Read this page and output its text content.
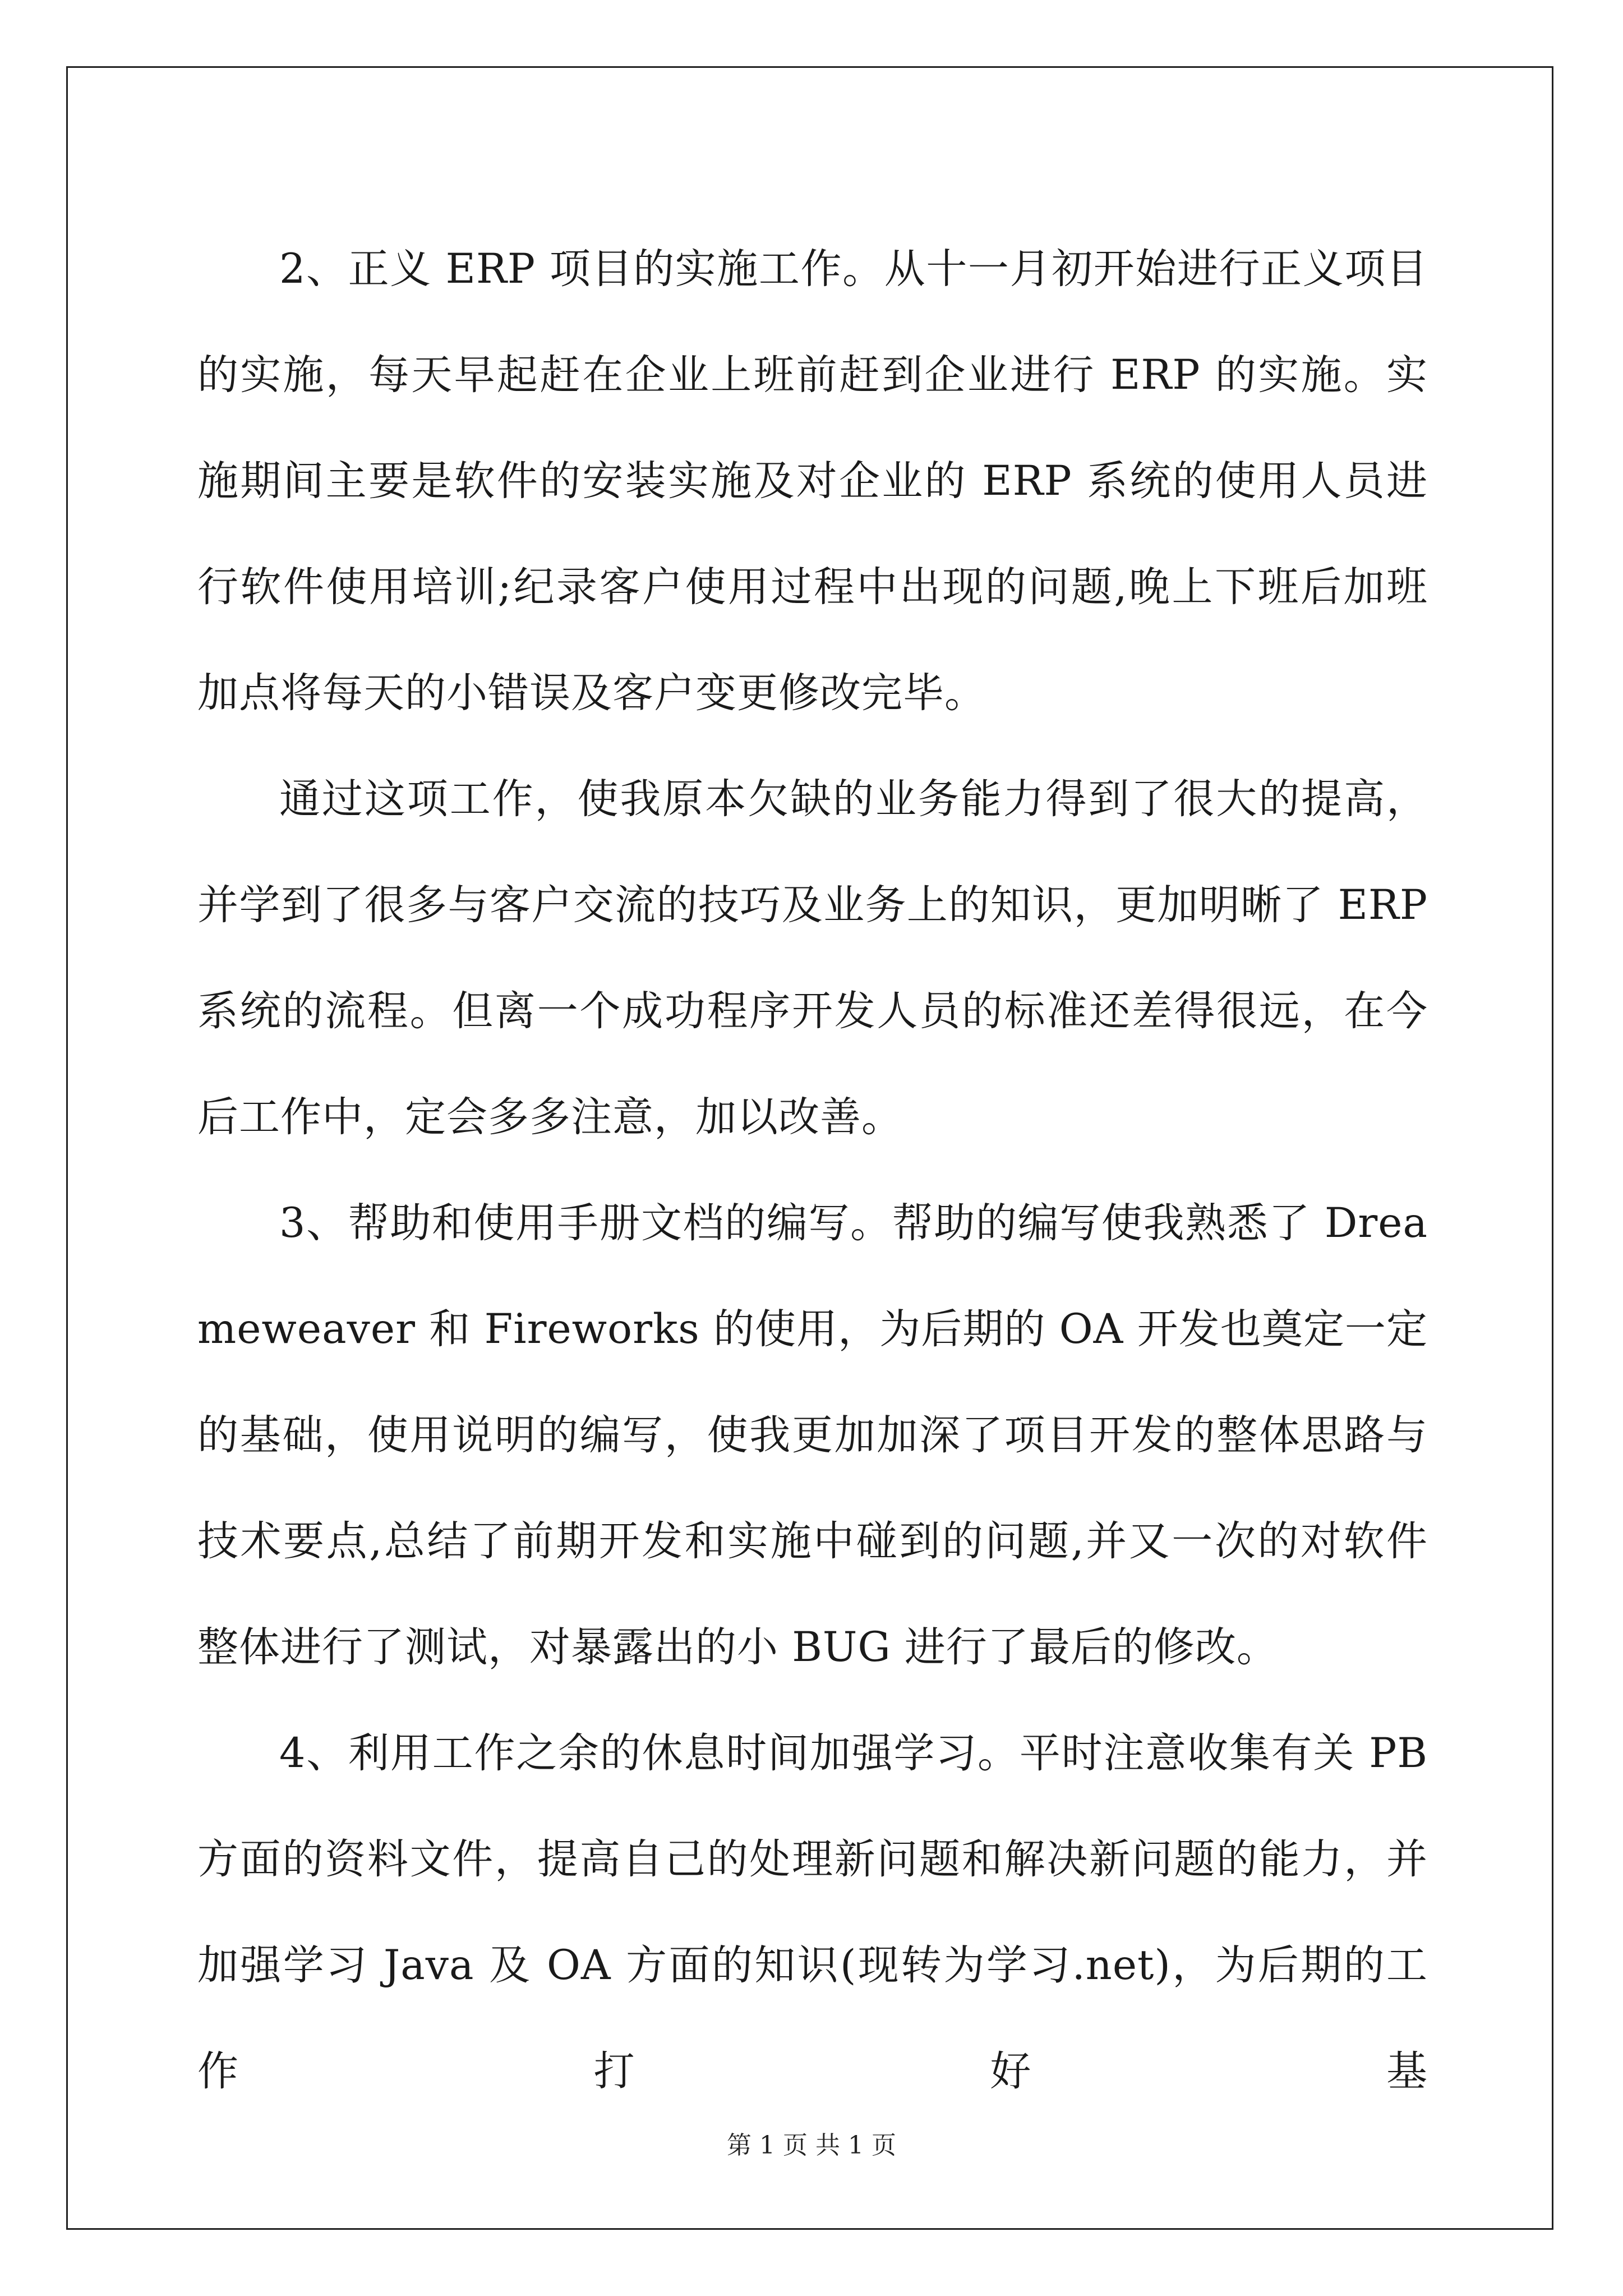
2、正义 ERP 项目的实施工作。从十一月初开始进行正义项目的实施，每天早起赶在企业上班前赶到企业进行 ERP 的实施。实施期间主要是软件的安装实施及对企业的 ERP 系统的使用人员进行软件使用培训;纪录客户使用过程中出现的问题,晚上下班后加班加点将每天的小错误及客户变更修改完毕。

通过这项工作，使我原本欠缺的业务能力得到了很大的提高，并学到了很多与客户交流的技巧及业务上的知识，更加明晰了 ERP 系统的流程。但离一个成功程序开发人员的标准还差得很远，在今后工作中，定会多多注意，加以改善。

3、帮助和使用手册文档的编写。帮助的编写使我熟悉了 Dreameweaver 和 Fireworks 的使用，为后期的 OA 开发也奠定一定的基础，使用说明的编写，使我更加加深了项目开发的整体思路与技术要点,总结了前期开发和实施中碰到的问题,并又一次的对软件整体进行了测试，对暴露出的小 BUG 进行了最后的修改。

4、利用工作之余的休息时间加强学习。平时注意收集有关 PB 方面的资料文件，提高自己的处理新问题和解决新问题的能力，并加强学习 Java 及 OA 方面的知识(现转为学习.net)，为后期的工作打好基

第 1 页 共 1 页
